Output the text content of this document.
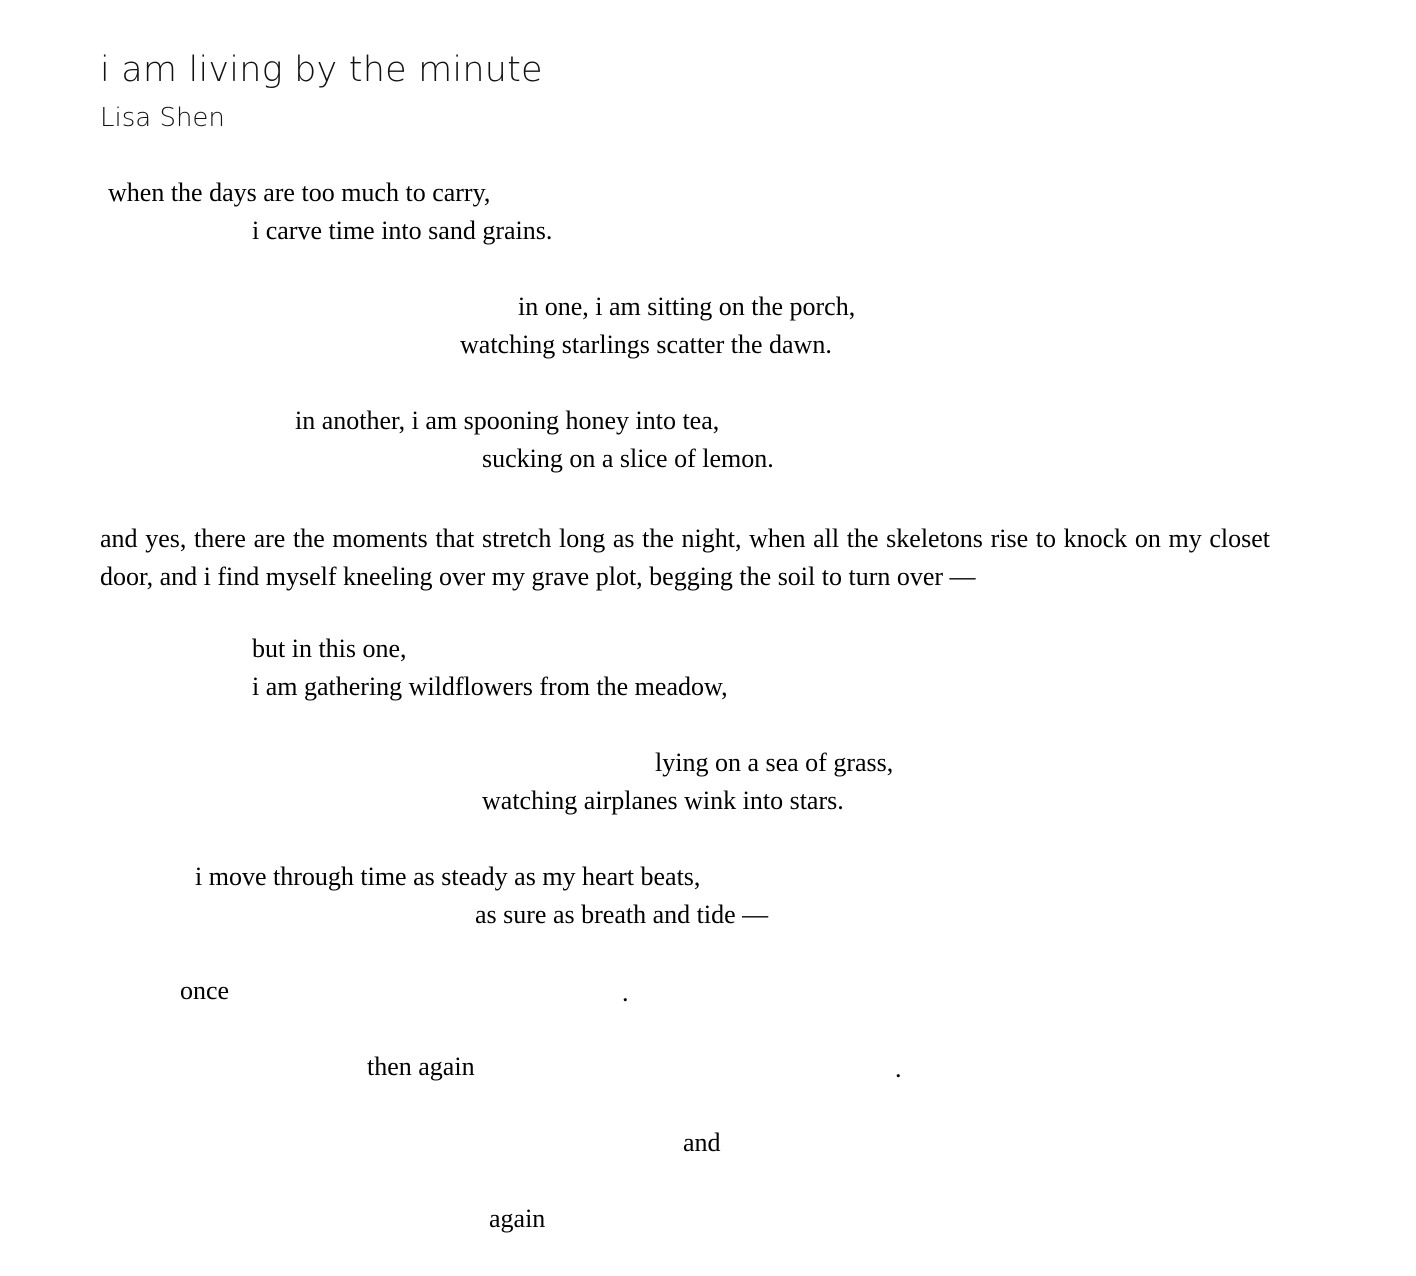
i am living by the minute
Lisa Shen
when the days are too much to carry,
i carve time into sand grains.
in one, i am sitting on the porch,
watching starlings scatter the dawn.
in another, i am spooning honey into tea,
sucking on a slice of lemon.

and yes, there are the moments that stretch long as the night, when all the skeletons rise to knock on my closet door, and i find myself kneeling over my grave plot, begging the soil to turn over —

but in this one,
i am gathering wildflowers from the meadow,
lying on a sea of grass,
watching airplanes wink into stars.
i move through time as steady as my heart beats,
as sure as breath and tide —
once	.
then again	.
and
again
